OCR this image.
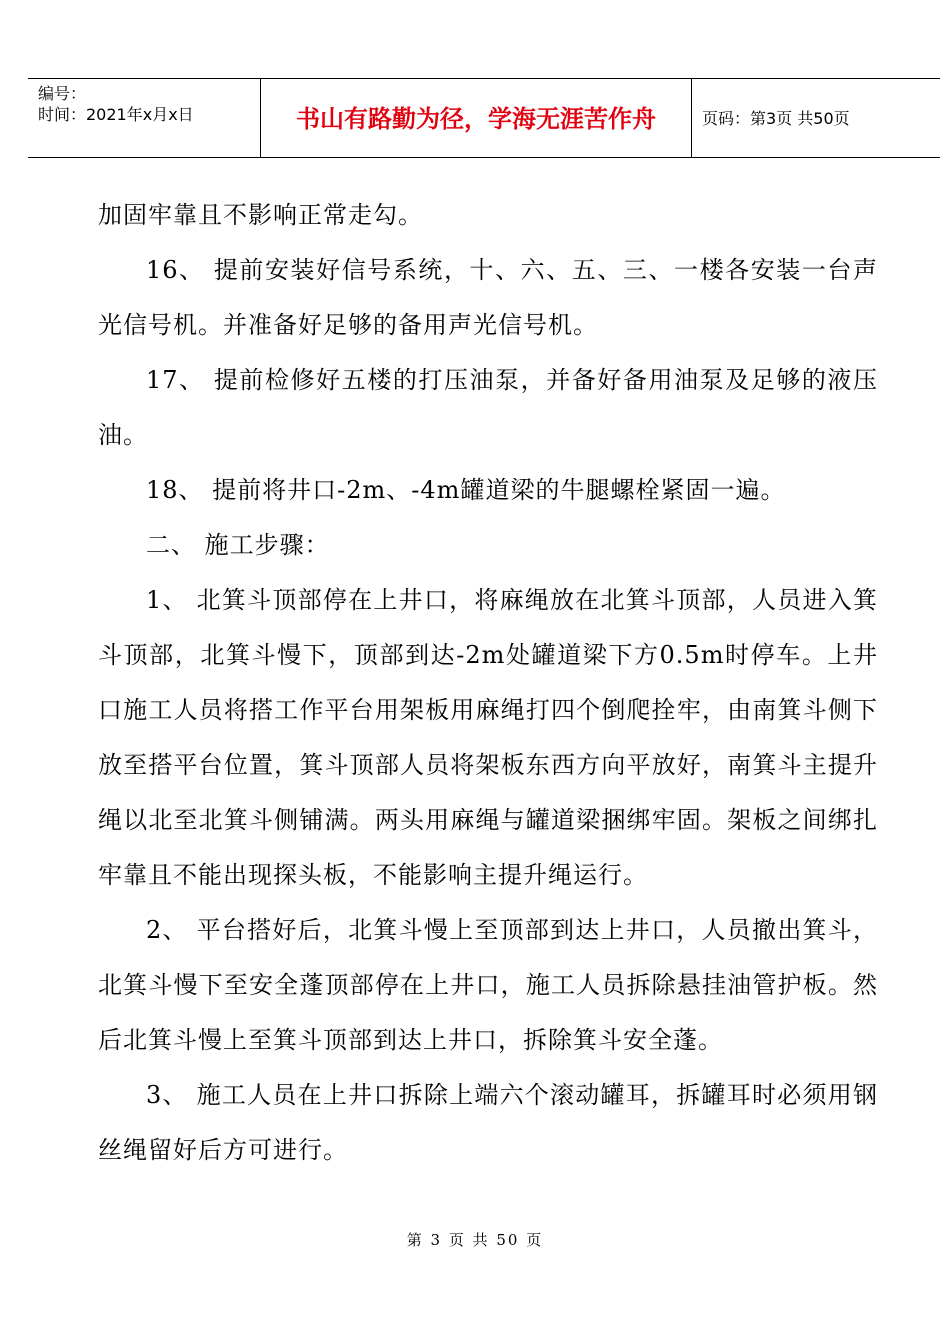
编号：
时间：2021年x月x日	书山有路勤为径，学海无涯苦作舟	页码：第3页 共50页

加固牢靠且不影响正常走勾。

16、 提前安装好信号系统，十、六、五、三、一楼各安装一台声光信号机。并准备好足够的备用声光信号机。

17、 提前检修好五楼的打压油泵，并备好备用油泵及足够的液压油。

18、 提前将井口-2m、-4m罐道梁的牛腿螺栓紧固一遍。

二、 施工步骤：

1、 北箕斗顶部停在上井口，将麻绳放在北箕斗顶部，人员进入箕斗顶部，北箕斗慢下，顶部到达-2m处罐道梁下方0.5m时停车。上井口施工人员将搭工作平台用架板用麻绳打四个倒爬拴牢，由南箕斗侧下放至搭平台位置，箕斗顶部人员将架板东西方向平放好，南箕斗主提升绳以北至北箕斗侧铺满。两头用麻绳与罐道梁捆绑牢固。架板之间绑扎牢靠且不能出现探头板，不能影响主提升绳运行。

2、 平台搭好后，北箕斗慢上至顶部到达上井口，人员撤出箕斗，北箕斗慢下至安全蓬顶部停在上井口，施工人员拆除悬挂油管护板。然后北箕斗慢上至箕斗顶部到达上井口，拆除箕斗安全蓬。

3、 施工人员在上井口拆除上端六个滚动罐耳，拆罐耳时必须用钢丝绳留好后方可进行。

第 3 页 共 50 页
